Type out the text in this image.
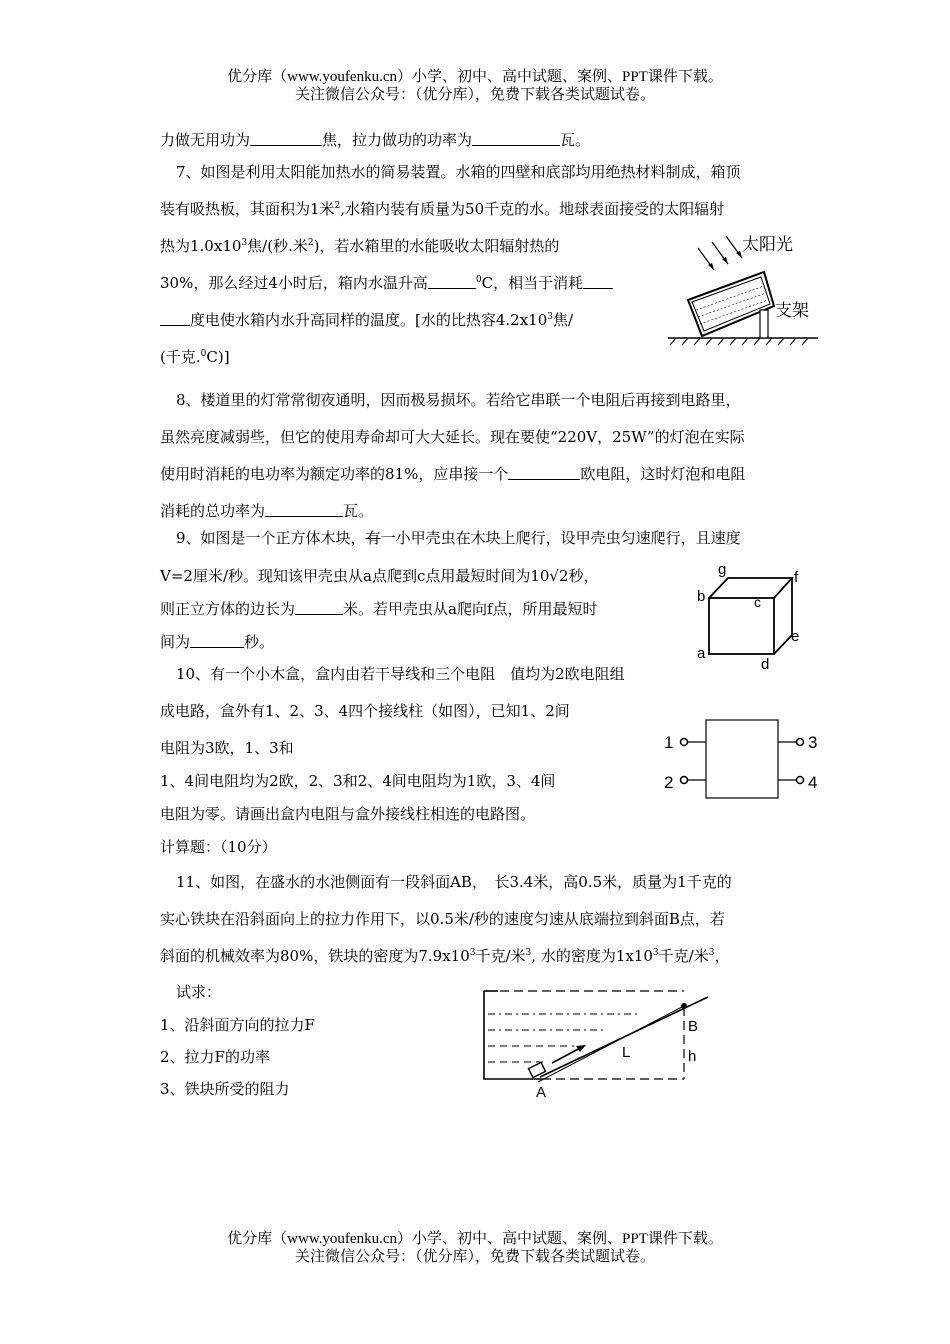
优分库（www.youfenku.cn）小学、初中、高中试题、案例、PPT课件下载。
关注微信公众号：（优分库），免费下载各类试题试卷。
力做无用功为	焦，拉力做功的功率为	瓦。
7、如图是利用太阳能加热水的简易装置。水箱的四壁和底部均用绝热材料制成，箱顶
装有吸热板，其面积为1米$^2$,水箱内装有质量为50千克的水。地球表面接受的太阳辐射
热为$1.0x10^3$焦/(秒.米$^2$)，若水箱里的水能吸收太阳辐射热的
30%，那么经过4小时后，箱内水温升高	$^0$C，相当于消耗
度电使水箱内水升高同样的温度。[水的比热容$4.2x10^3$焦/
(千克.$^0$C)]
太阳光
支架
8、楼道里的灯常常彻夜通明，因而极易损坏。若给它串联一个电阻后再接到电路里，
虽然亮度减弱些，但它的使用寿命却可大大延长。现在要使“220V，25W”的灯泡在实际
使用时消耗的电功率为额定功率的81%，应串接一个	欧电阻，这时灯泡和电阻
消耗的总功率为	瓦。
9、如图是一个正方体木块，有一小甲壳虫在木块上爬行，设甲壳虫匀速爬行，且速度
V=2厘米/秒。现知该甲壳虫从a点爬到c点用最短时间为10√2秒，
则正立方体的边长为	米。若甲壳虫从a爬向f点，所用最短时
间为	秒。
g	f
b	c
e
a
d
10、有一个小木盒，盒内由若干导线和三个电阻　值均为2欧电阻组
成电路，盒外有1、2、3、4四个接线柱（如图），已知1、2间
电阻为3欧，1、3和
1、4间电阻均为2欧，2、3和2、4间电阻均为1欧，3、4间
电阻为零。请画出盒内电阻与盒外接线柱相连的电路图。
1
2
3
4
计算题：（10分）
11、如图，在盛水的水池侧面有一段斜面AB，　长3.4米，高0.5米，质量为1千克的
实心铁块在沿斜面向上的拉力作用下，以0.5米/秒的速度匀速从底端拉到斜面B点，若
斜面的机械效率为80%，铁块的密度为$7.9x10^3$千克/米$^3$, 水的密度为$1x10^3$千克/米$^3$，
试求：
1、沿斜面方向的拉力F
2、拉力F的功率
3、铁块所受的阻力
B
L	h
A
优分库（www.youfenku.cn）小学、初中、高中试题、案例、PPT课件下载。
关注微信公众号：（优分库），免费下载各类试题试卷。
